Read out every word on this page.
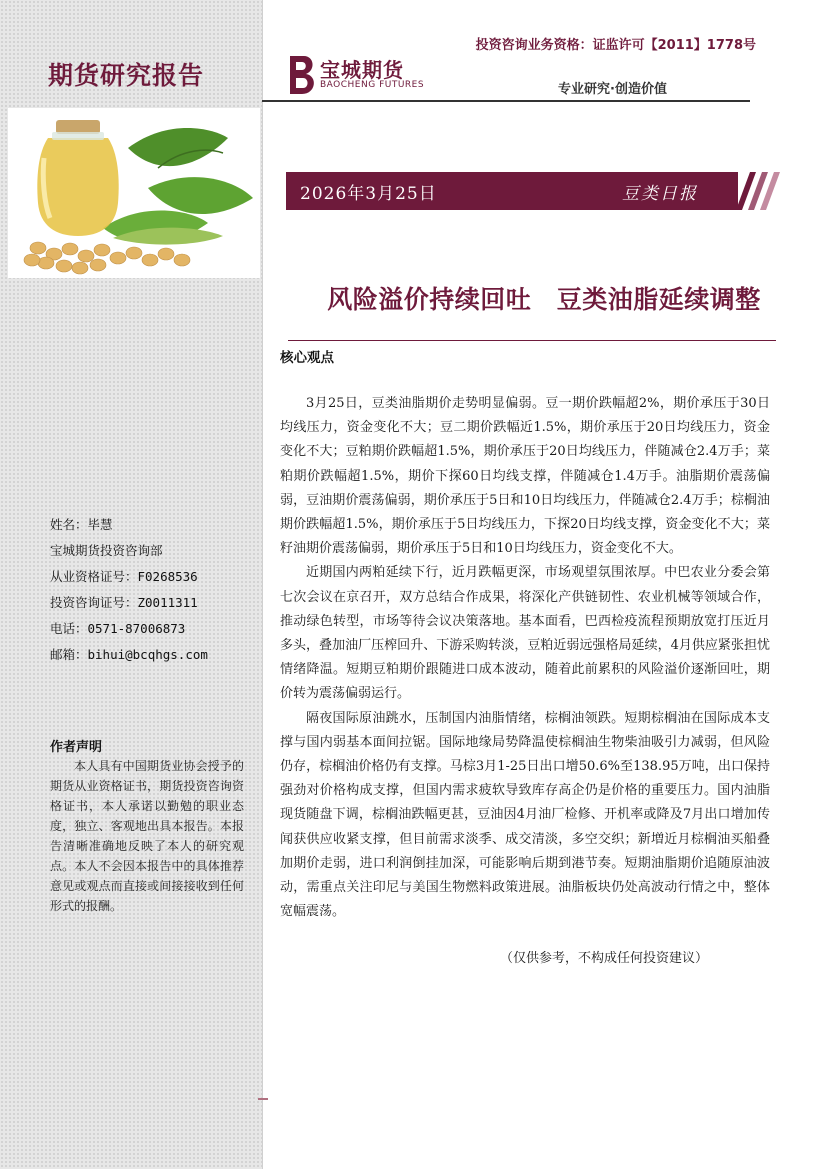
期货研究报告
姓名：毕慧
宝城期货投资咨询部
从业资格证号：F0268536
投资咨询证号：Z0011311
电话：0571-87006873
邮箱：bihui@bcqhgs.com
作者声明
本人具有中国期货业协会授予的期货从业资格证书，期货投资咨询资格证书，本人承诺以勤勉的职业态度，独立、客观地出具本报告。本报告清晰准确地反映了本人的研究观点。本人不会因本报告中的具体推荐意见或观点而直接或间接接收到任何形式的报酬。
投资咨询业务资格：证监许可【2011】1778号
宝城期货
BAOCHENG FUTURES	专业研究·创造价值
2026年3月25日	豆类日报
风险溢价持续回吐　豆类油脂延续调整
核心观点

3月25日，豆类油脂期价走势明显偏弱。豆一期价跌幅超2%，期价承压于30日均线压力，资金变化不大；豆二期价跌幅近1.5%，期价承压于20日均线压力，资金变化不大；豆粕期价跌幅超1.5%，期价承压于20日均线压力，伴随减仓2.4万手；菜粕期价跌幅超1.5%，期价下探60日均线支撑，伴随减仓1.4万手。油脂期价震荡偏弱，豆油期价震荡偏弱，期价承压于5日和10日均线压力，伴随减仓2.4万手；棕榈油期价跌幅超1.5%，期价承压于5日均线压力，下探20日均线支撑，资金变化不大；菜籽油期价震荡偏弱，期价承压于5日和10日均线压力，资金变化不大。

近期国内两粕延续下行，近月跌幅更深，市场观望氛围浓厚。中巴农业分委会第七次会议在京召开，双方总结合作成果，将深化产供链韧性、农业机械等领域合作，推动绿色转型，市场等待会议决策落地。基本面看，巴西检疫流程预期放宽打压近月多头，叠加油厂压榨回升、下游采购转淡，豆粕近弱远强格局延续，4月供应紧张担忧情绪降温。短期豆粕期价跟随进口成本波动，随着此前累积的风险溢价逐渐回吐，期价转为震荡偏弱运行。

隔夜国际原油跳水，压制国内油脂情绪，棕榈油领跌。短期棕榈油在国际成本支撑与国内弱基本面间拉锯。国际地缘局势降温使棕榈油生物柴油吸引力减弱，但风险仍存，棕榈油价格仍有支撑。马棕3月1-25日出口增50.6%至138.95万吨，出口保持强劲对价格构成支撑，但国内需求疲软导致库存高企仍是价格的重要压力。国内油脂现货随盘下调，棕榈油跌幅更甚，豆油因4月油厂检修、开机率或降及7月出口增加传闻获供应收紧支撑，但目前需求淡季、成交清淡，多空交织；新増近月棕榈油买船叠加期价走弱，进口利润倒挂加深，可能影响后期到港节奏。短期油脂期价追随原油波动，需重点关注印尼与美国生物燃料政策进展。油脂板块仍处高波动行情之中，整体宽幅震荡。

（仅供参考，不构成任何投资建议）
